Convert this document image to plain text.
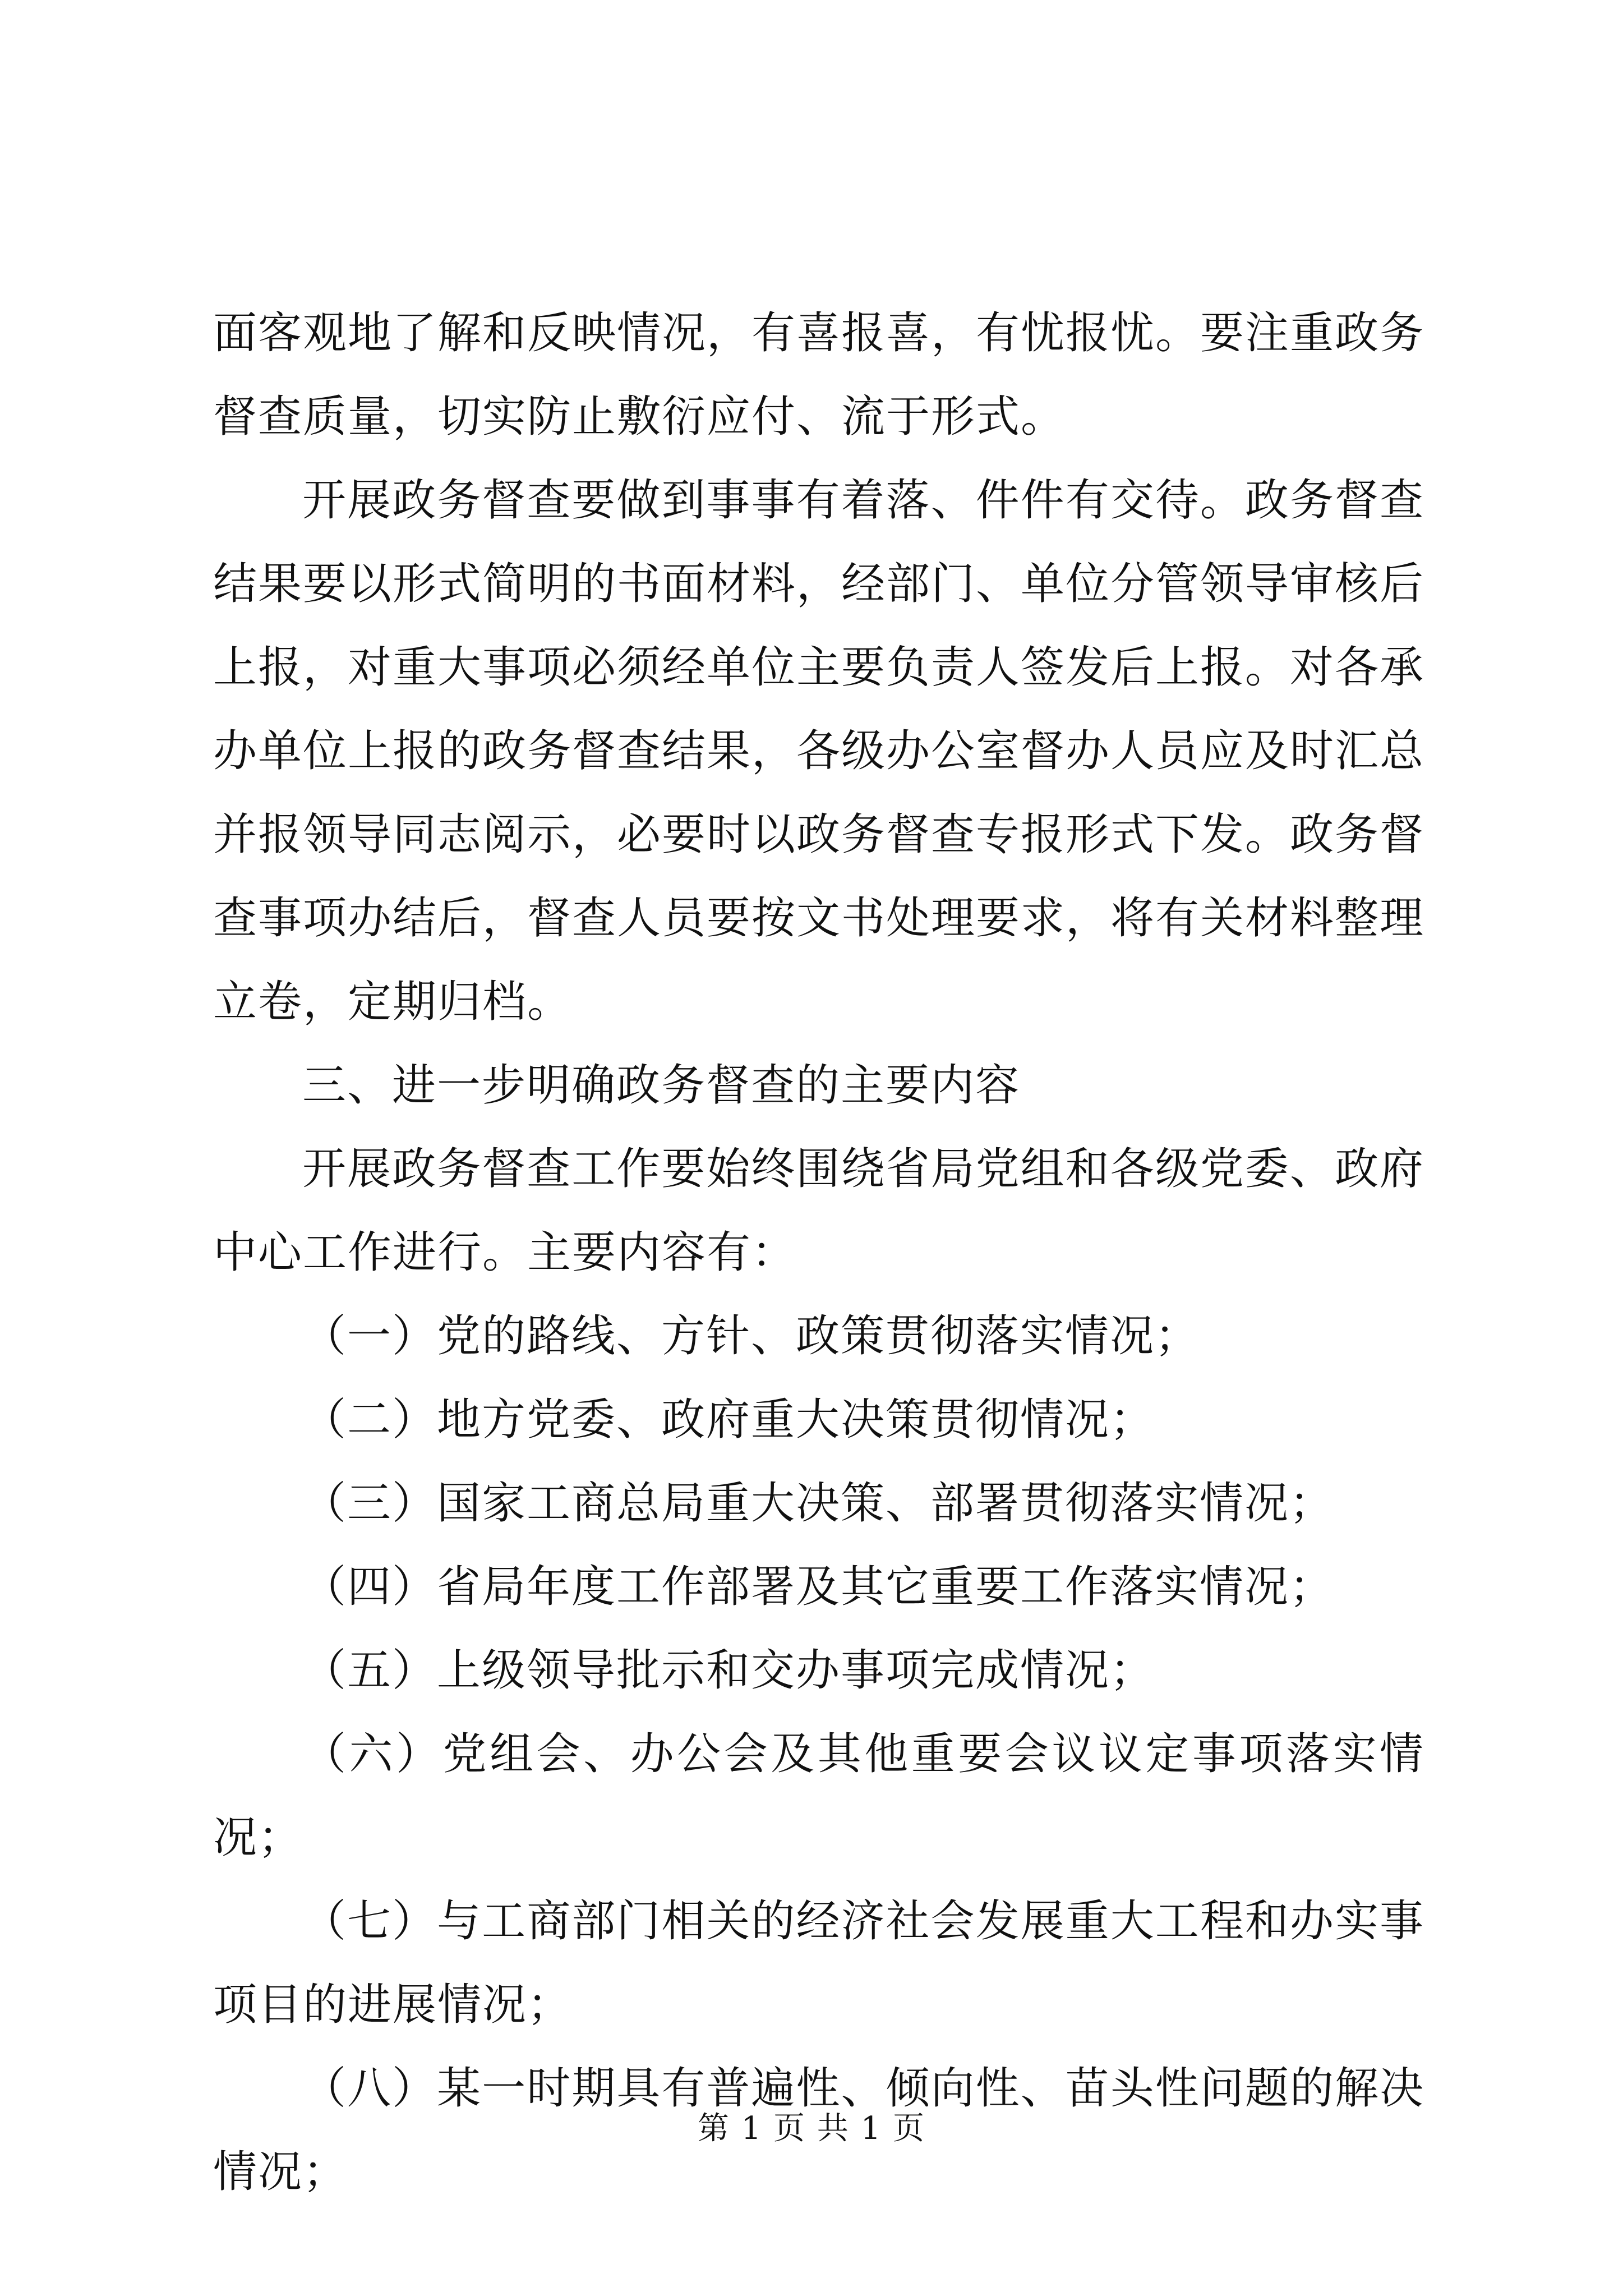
面客观地了解和反映情况，有喜报喜，有忧报忧。要注重政务督查质量，切实防止敷衍应付、流于形式。

开展政务督查要做到事事有着落、件件有交待。政务督查结果要以形式简明的书面材料，经部门、单位分管领导审核后上报，对重大事项必须经单位主要负责人签发后上报。对各承办单位上报的政务督查结果，各级办公室督办人员应及时汇总并报领导同志阅示，必要时以政务督查专报形式下发。政务督查事项办结后，督查人员要按文书处理要求，将有关材料整理立卷，定期归档。

三、进一步明确政务督查的主要内容

开展政务督查工作要始终围绕省局党组和各级党委、政府中心工作进行。主要内容有：

（一）党的路线、方针、政策贯彻落实情况；

（二）地方党委、政府重大决策贯彻情况；

（三）国家工商总局重大决策、部署贯彻落实情况；

（四）省局年度工作部署及其它重要工作落实情况；

（五）上级领导批示和交办事项完成情况；

（六）党组会、办公会及其他重要会议议定事项落实情况；

（七）与工商部门相关的经济社会发展重大工程和办实事项目的进展情况；

（八）某一时期具有普遍性、倾向性、苗头性问题的解决情况；

第 1 页 共 1 页
